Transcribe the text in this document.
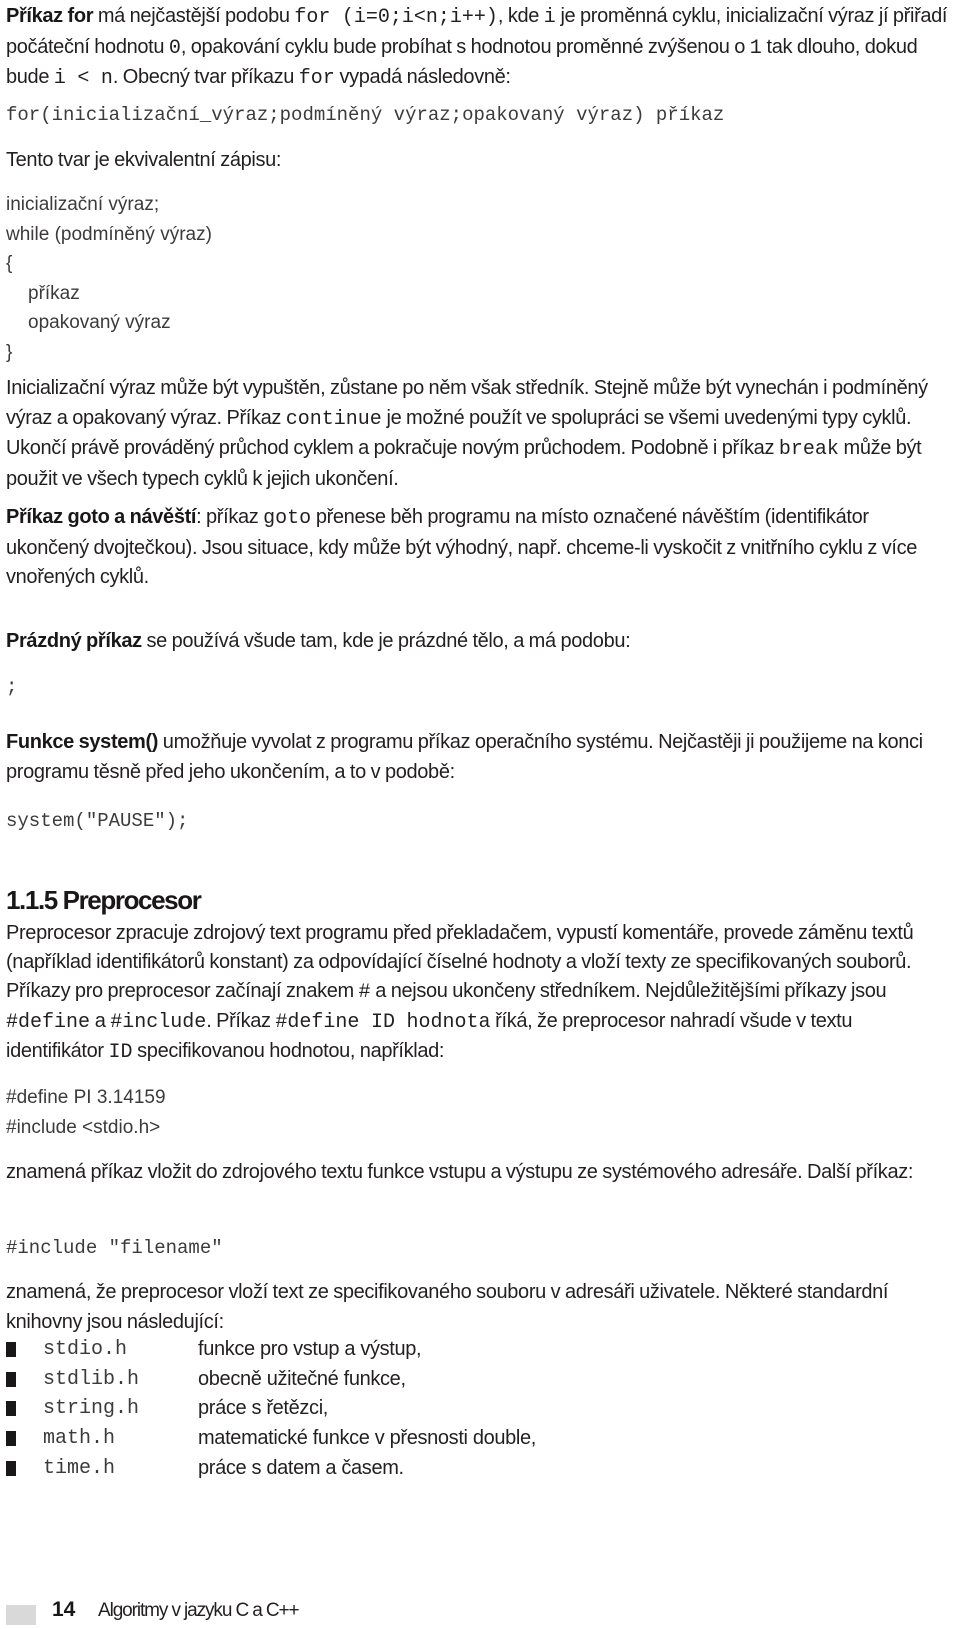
Příkaz for má nejčastější podobu for (i=0;i<n;i++), kde i je proměnná cyklu, inicializační výraz jí přiřadí počáteční hodnotu 0, opakování cyklu bude probíhat s hodnotou proměnné zvýšenou o 1 tak dlouho, dokud bude i < n. Obecný tvar příkazu for vypadá následovně:

for(inicializační_výraz;podmíněný výraz;opakovaný výraz) příkaz

Tento tvar je ekvivalentní zápisu:

inicializační výraz;
while (podmíněný výraz)
{
příkaz
opakovaný výraz
}

Inicializační výraz může být vypuštěn, zůstane po něm však středník. Stejně může být vynechán i podmíněný výraz a opakovaný výraz. Příkaz continue je možné použít ve spolupráci se všemi uvedenými typy cyklů. Ukončí právě prováděný průchod cyklem a pokračuje novým průchodem. Podobně i příkaz break může být použit ve všech typech cyklů k jejich ukončení.

Příkaz goto a návěští: příkaz goto přenese běh programu na místo označené návěštím (identifikátor ukončený dvojtečkou). Jsou situace, kdy může být výhodný, např. chceme-li vyskočit z vnitřního cyklu z více vnořených cyklů.

Prázdný příkaz se používá všude tam, kde je prázdné tělo, a má podobu:

;

Funkce system() umožňuje vyvolat z programu příkaz operačního systému. Nejčastěji ji použijeme na konci programu těsně před jeho ukončením, a to v podobě:

system("PAUSE");
1.1.5 Preprocesor

Preprocesor zpracuje zdrojový text programu před překladačem, vypustí komentáře, provede záměnu textů (například identifikátorů konstant) za odpovídající číselné hodnoty a vloží texty ze specifikovaných souborů. Příkazy pro preprocesor začínají znakem # a nejsou ukončeny středníkem. Nejdůležitějšími příkazy jsou #define a #include. Příkaz #define ID hodnota říká, že preprocesor nahradí všude v textu identifikátor ID specifikovanou hodnotou, například:

#define PI 3.14159
#include <stdio.h>

znamená příkaz vložit do zdrojového textu funkce vstupu a výstupu ze systémového adresáře. Další příkaz:

#include "filename"

znamená, že preprocesor vloží text ze specifikovaného souboru v adresáři uživatele. Některé standardní knihovny jsou následující:

stdio.h	funkce pro vstup a výstup,
stdlib.h	obecně užitečné funkce,
string.h	práce s řetězci,
math.h	matematické funkce v přesnosti double,
time.h	práce s datem a časem.
14 Algoritmy v jazyku C a C++
